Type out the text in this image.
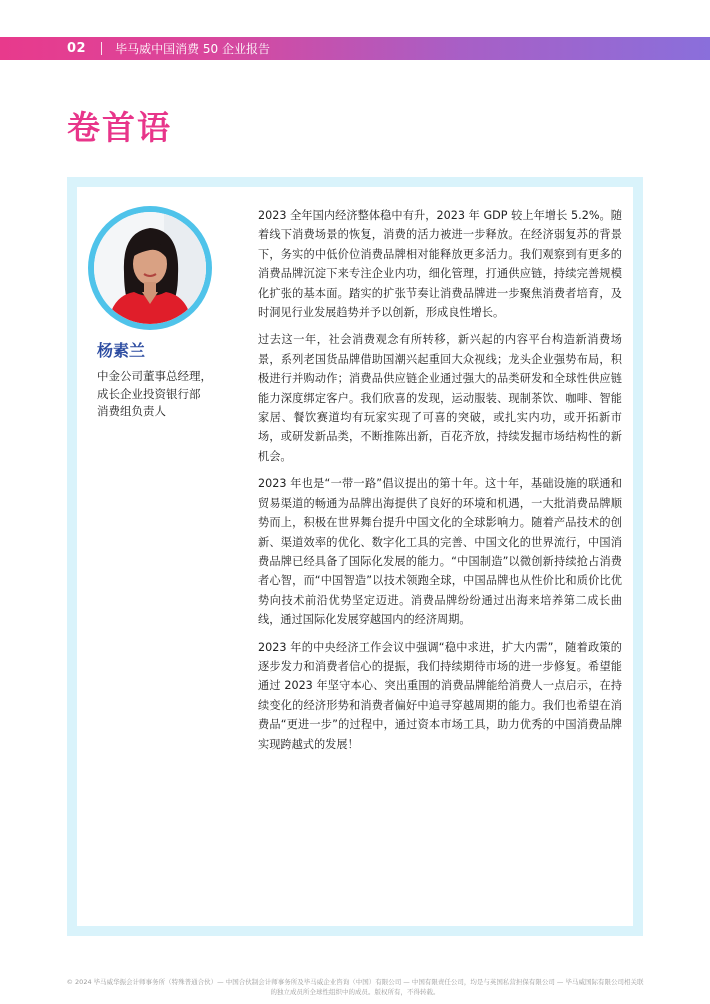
02 毕马威中国消费 50 企业报告
卷首语
杨素兰
中金公司董事总经理，
成长企业投资银行部
消费组负责人

2023 全年国内经济整体稳中有升，2023 年 GDP 较上年增长 5.2%。随着线下消费场景的恢复，消费的活力被进一步释放。在经济弱复苏的背景下，务实的中低价位消费品牌相对能释放更多活力。我们观察到有更多的消费品牌沉淀下来专注企业内功，细化管理，打通供应链，持续完善规模化扩张的基本面。踏实的扩张节奏让消费品牌进一步聚焦消费者培育，及时洞见行业发展趋势并予以创新，形成良性增长。

过去这一年，社会消费观念有所转移，新兴起的内容平台构造新消费场景，系列老国货品牌借助国潮兴起重回大众视线；龙头企业强势布局，积极进行并购动作；消费品供应链企业通过强大的品类研发和全球性供应链能力深度绑定客户。我们欣喜的发现，运动服装、现制茶饮、咖啡、智能家居、餐饮赛道均有玩家实现了可喜的突破，或扎实内功，或开拓新市场，或研发新品类，不断推陈出新，百花齐放，持续发掘市场结构性的新机会。

2023 年也是“一带一路”倡议提出的第十年。这十年，基础设施的联通和贸易渠道的畅通为品牌出海提供了良好的环境和机遇，一大批消费品牌顺势而上，积极在世界舞台提升中国文化的全球影响力。随着产品技术的创新、渠道效率的优化、数字化工具的完善、中国文化的世界流行，中国消费品牌已经具备了国际化发展的能力。“中国制造”以微创新持续抢占消费者心智，而“中国智造”以技术领跑全球，中国品牌也从性价比和质价比优势向技术前沿优势坚定迈进。消费品牌纷纷通过出海来培养第二成长曲线，通过国际化发展穿越国内的经济周期。

2023 年的中央经济工作会议中强调“稳中求进，扩大内需”，随着政策的逐步发力和消费者信心的提振，我们持续期待市场的进一步修复。希望能通过 2023 年坚守本心、突出重围的消费品牌能给消费人一点启示，在持续变化的经济形势和消费者偏好中追寻穿越周期的能力。我们也希望在消费品“更进一步”的过程中，通过资本市场工具，助力优秀的中国消费品牌实现跨越式的发展！

© 2024 毕马威华振会计师事务所（特殊普通合伙）— 中国合伙制会计师事务所及毕马威企业咨询（中国）有限公司 — 中国有限责任公司，均是与英国私营担保有限公司 — 毕马威国际有限公司相关联
的独立成员所全球性组织中的成员。版权所有，不得转载。
